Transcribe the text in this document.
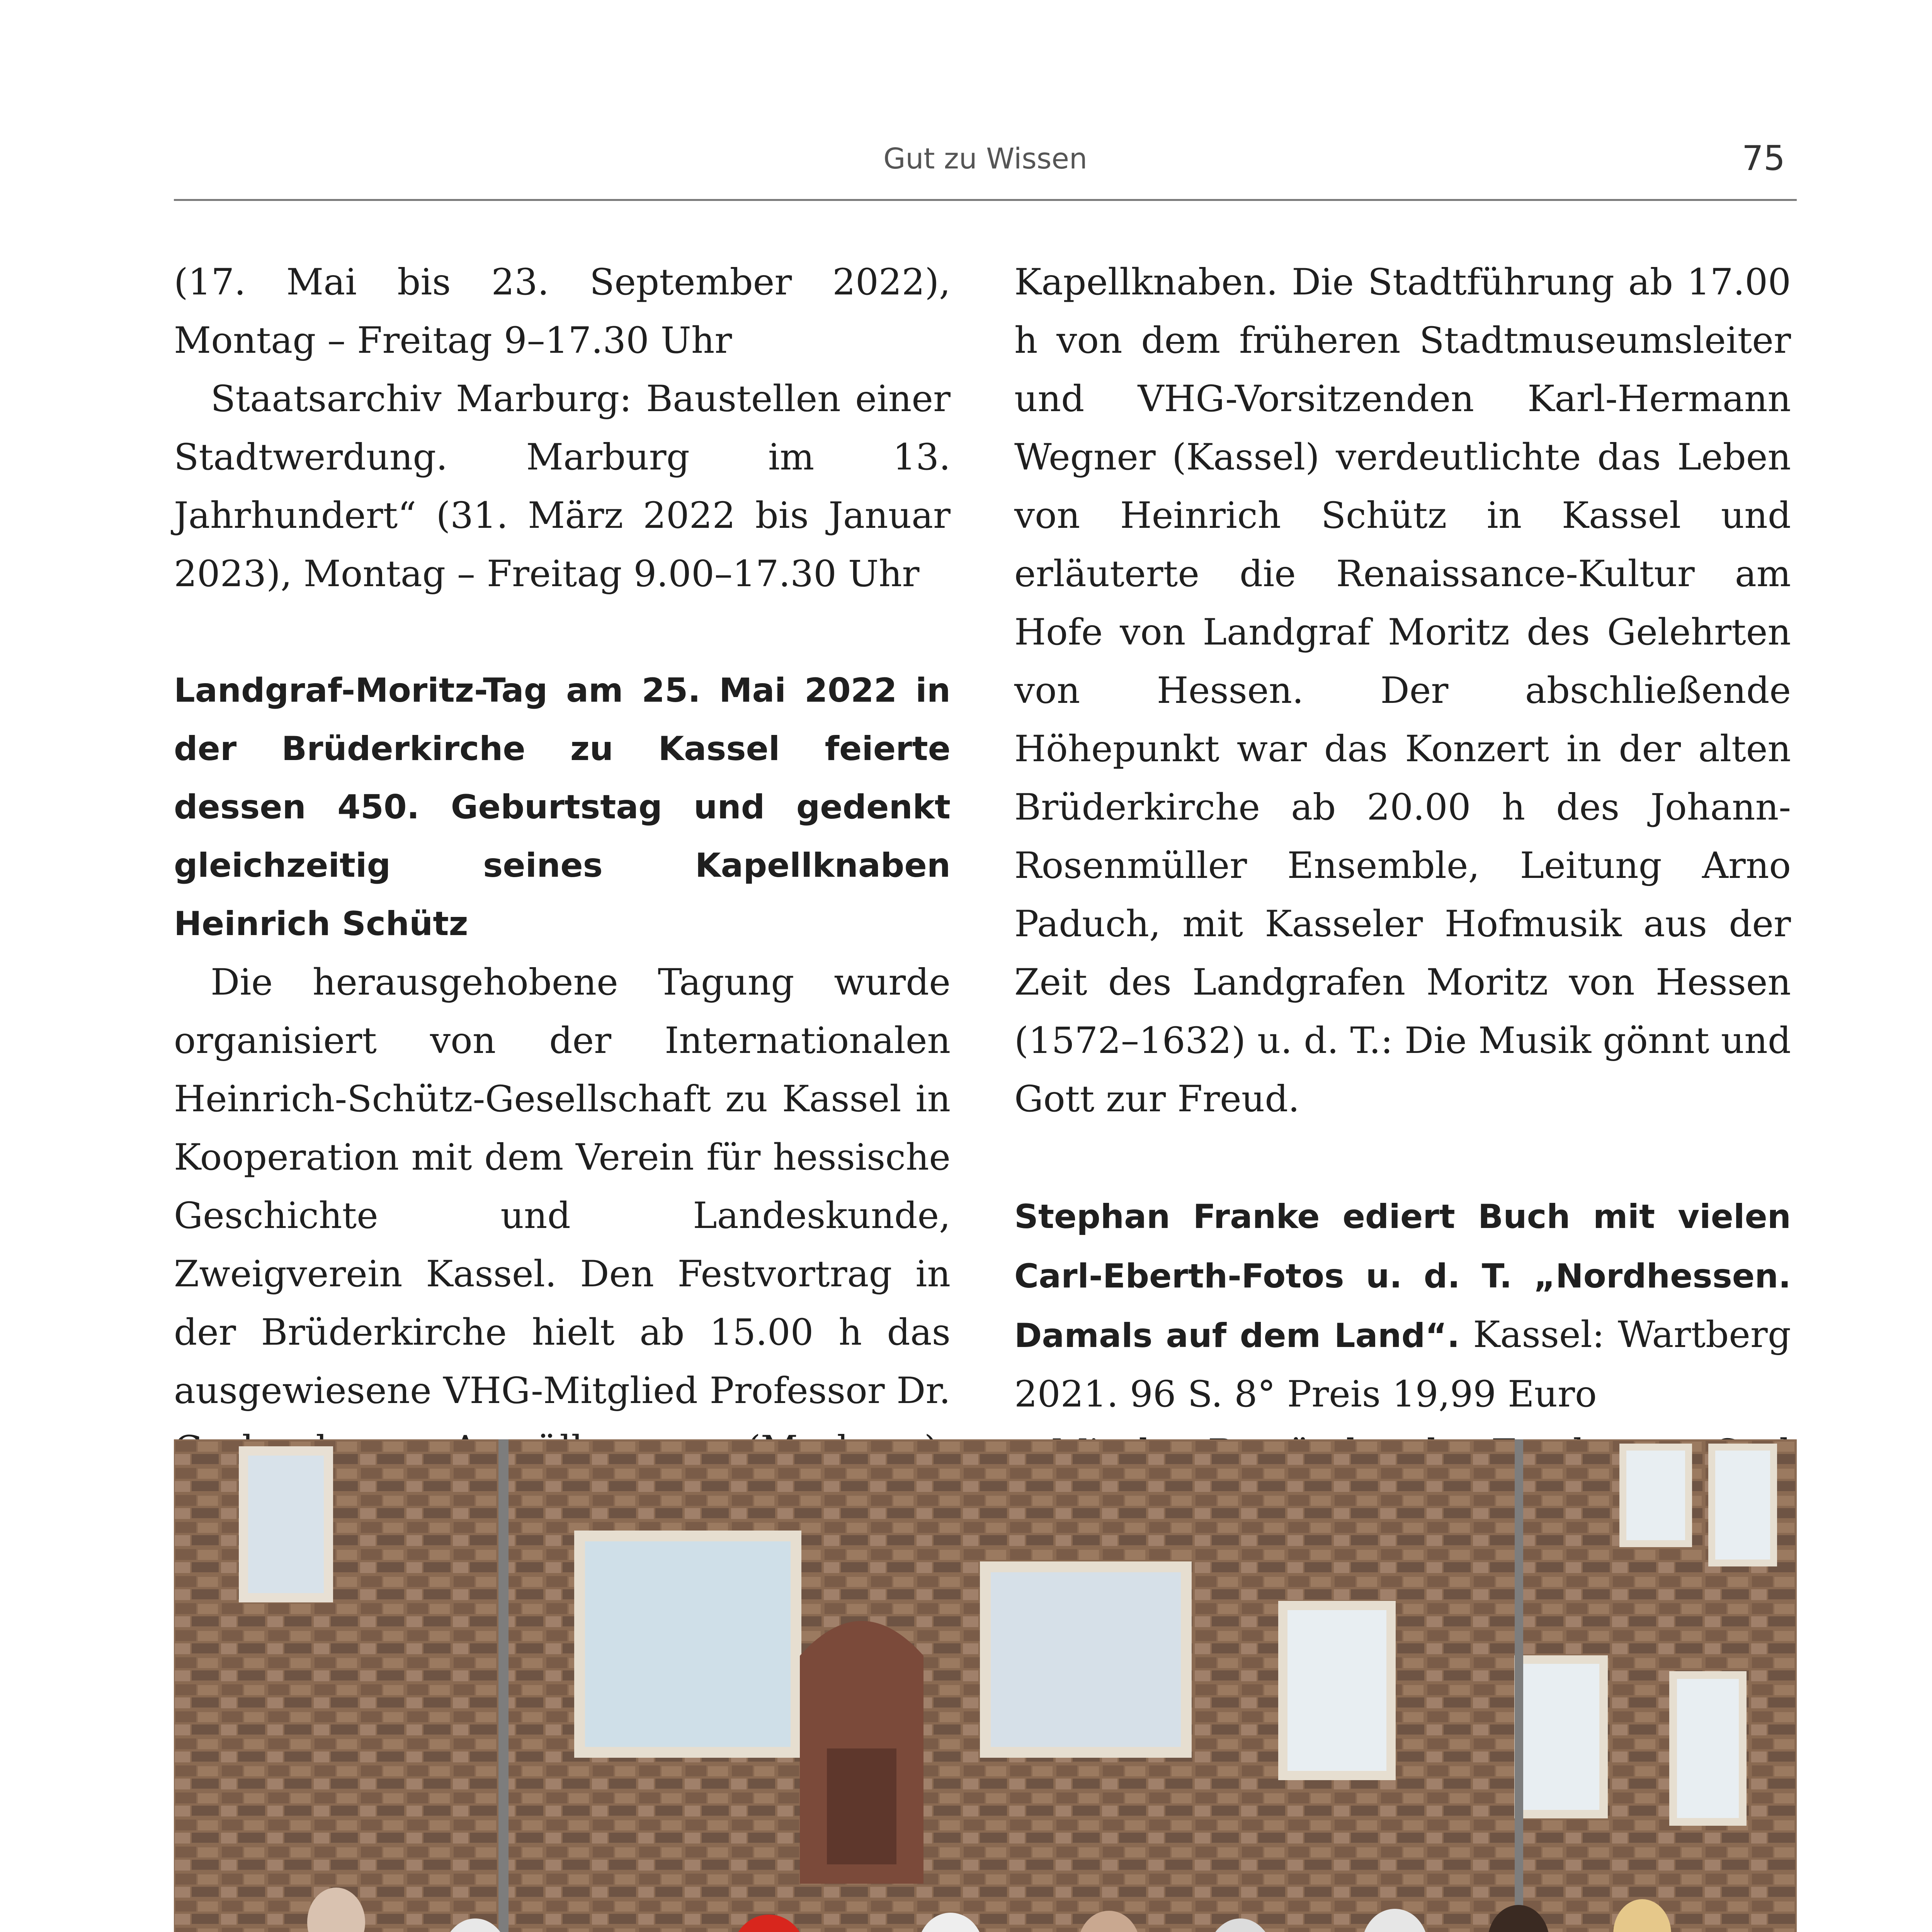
Gut zu Wissen	75

(17. Mai bis 23. September 2022), Montag – Freitag 9–17.30 Uhr

Staatsarchiv Marburg: Baustellen einer Stadtwerdung. Marburg im 13. Jahrhundert“ (31. März 2022 bis Januar 2023), Montag – Freitag 9.00–17.30 Uhr

Landgraf-Moritz-Tag am 25. Mai 2022 in der Brüderkirche zu Kassel feierte dessen 450. Geburtstag und gedenkt gleichzeitig seines Kapellknaben Heinrich Schütz

Die herausgehobene Tagung wurde organisiert von der Internationalen Heinrich-Schütz-Gesellschaft zu Kassel in Kooperation mit dem Verein für hessische Geschichte und Landeskunde, Zweigverein Kassel. Den Festvortrag in der Brüderkirche hielt ab 15.00 h das ausgewiesene VHG-Mitglied Professor Dr.

Kapellknaben. Die Stadtführung ab 17.00 h von dem früheren Stadtmuseumsleiter und VHG-Vorsitzenden Karl-Hermann Wegner (Kassel) verdeutlichte das Leben von Heinrich Schütz in Kassel und erläuterte die Renaissance-Kultur am Hofe von Landgraf Moritz des Gelehrten von Hessen. Der abschließende Höhepunkt war das Konzert in der alten Brüderkirche ab 20.00 h des Johann-Rosenmüller Ensemble, Leitung Arno Paduch, mit Kasseler Hofmusik aus der Zeit des Landgrafen Moritz von Hessen (1572–1632) u. d. T.: Die Musik gönnt und Gott zur Freud.

Stephan Franke ediert Buch mit vielen Carl-Eberth-Fotos u. d. T. „Nordhessen. Damals auf dem Land“. Kassel: Wartberg 2021. 96 S. 8° Preis 19,99 Euro
